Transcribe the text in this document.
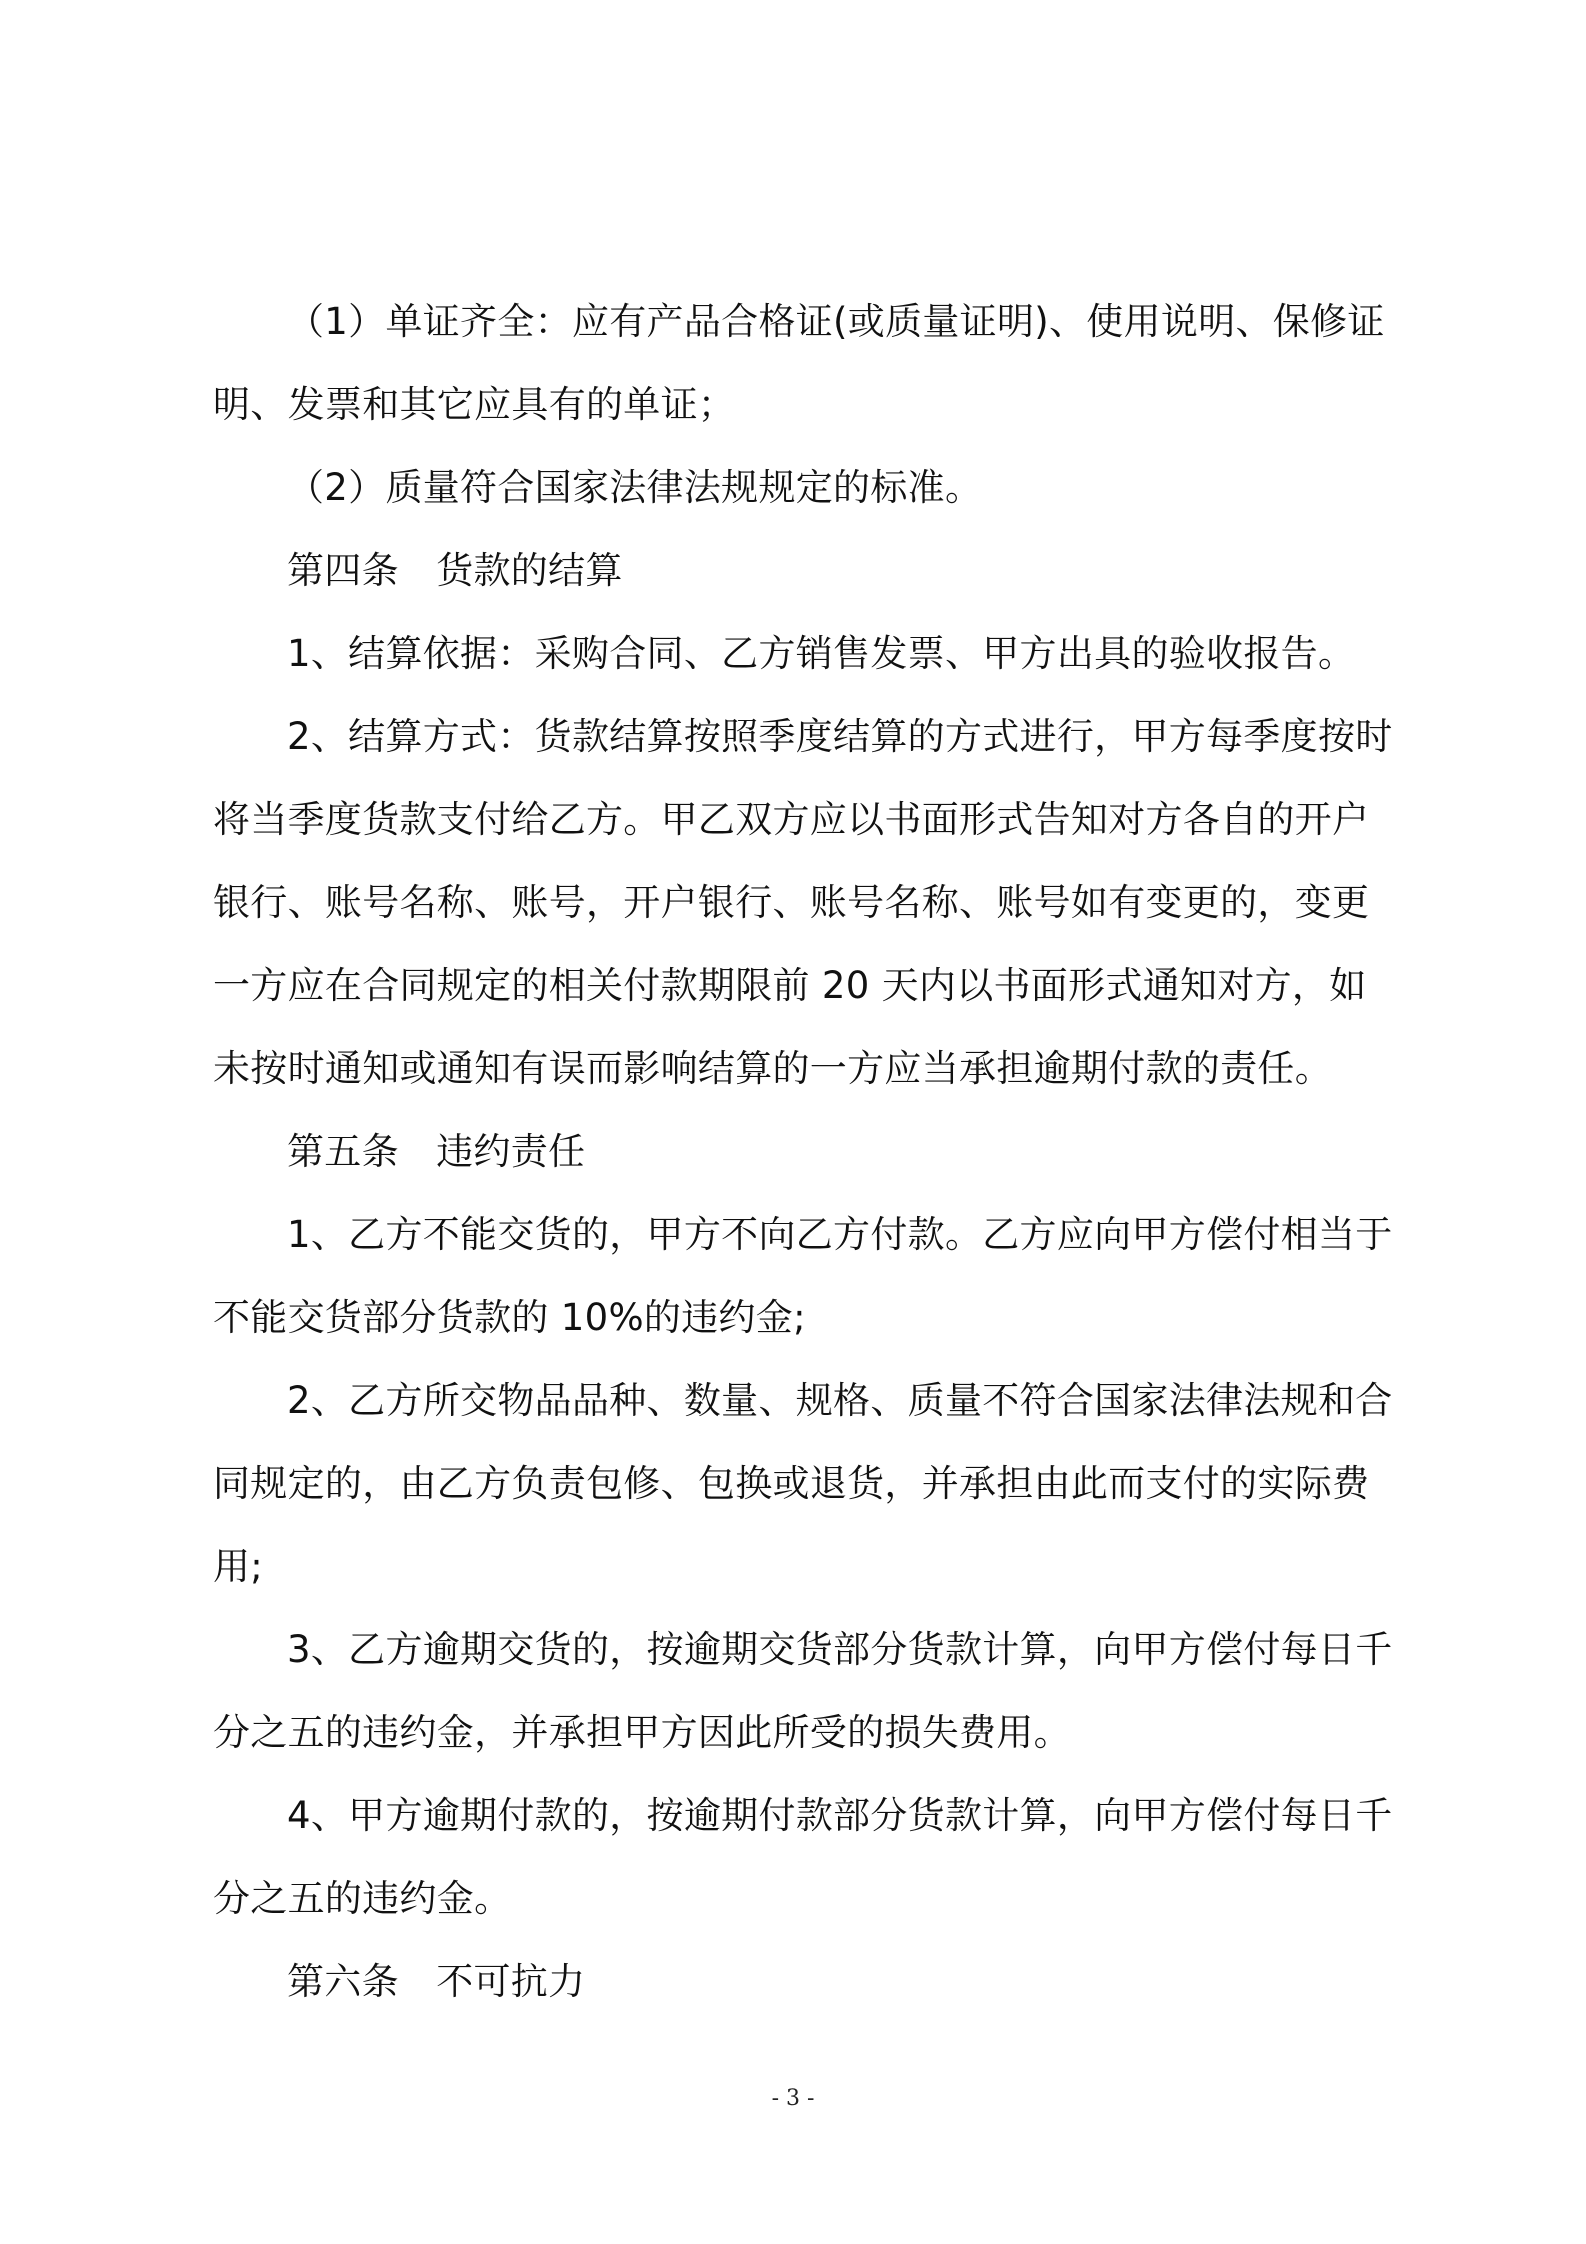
（1）单证齐全：应有产品合格证(或质量证明)、使用说明、保修证明、发票和其它应具有的单证；

（2）质量符合国家法律法规规定的标准。

第四条　货款的结算

1、结算依据：采购合同、乙方销售发票、甲方出具的验收报告。

2、结算方式：货款结算按照季度结算的方式进行，甲方每季度按时将当季度货款支付给乙方。甲乙双方应以书面形式告知对方各自的开户银行、账号名称、账号，开户银行、账号名称、账号如有变更的，变更一方应在合同规定的相关付款期限前 20 天内以书面形式通知对方，如未按时通知或通知有误而影响结算的一方应当承担逾期付款的责任。

第五条　违约责任

1、乙方不能交货的，甲方不向乙方付款。乙方应向甲方偿付相当于不能交货部分货款的 10%的违约金;

2、乙方所交物品品种、数量、规格、质量不符合国家法律法规和合同规定的，由乙方负责包修、包换或退货，并承担由此而支付的实际费用;

3、乙方逾期交货的，按逾期交货部分货款计算，向甲方偿付每日千分之五的违约金，并承担甲方因此所受的损失费用。

4、甲方逾期付款的，按逾期付款部分货款计算，向甲方偿付每日千分之五的违约金。

第六条　不可抗力

- 3 -
